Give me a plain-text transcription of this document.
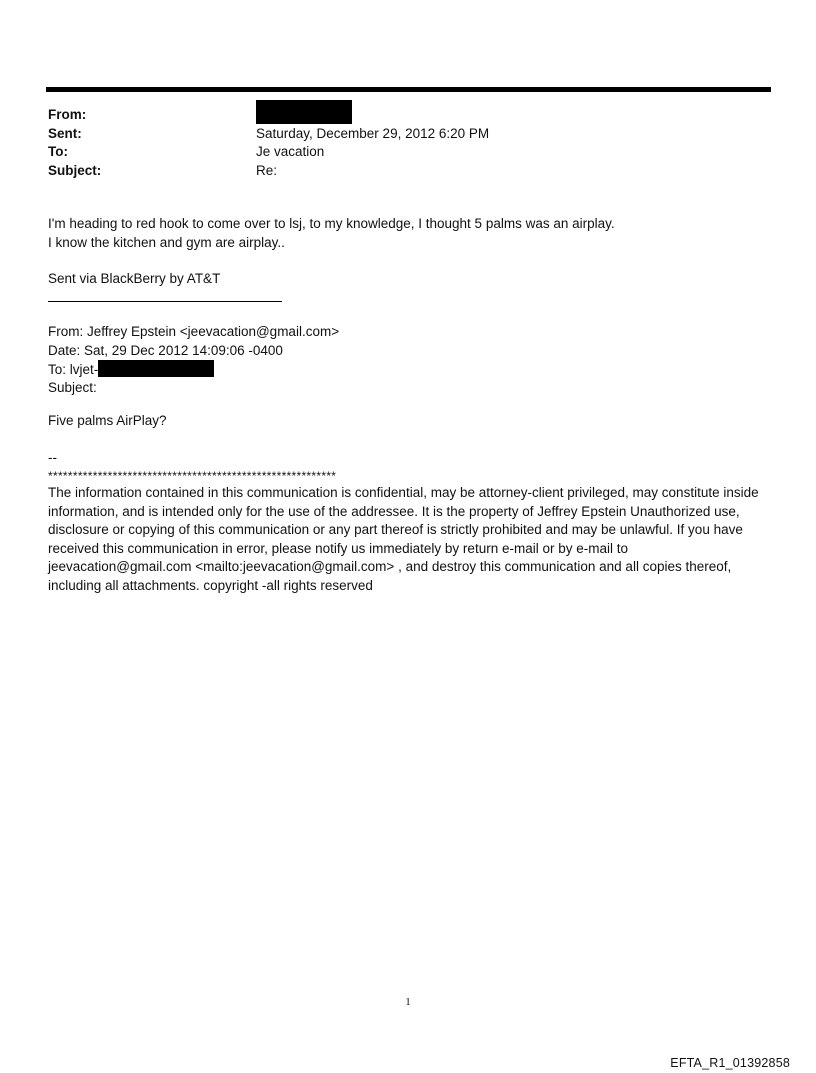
From:
Sent:	Saturday, December 29, 2012 6:20 PM
To:	Je vacation
Subject:	Re:
I'm heading to red hook to come over to lsj, to my knowledge, I thought 5 palms was an airplay.
I know the kitchen and gym are airplay..
Sent via BlackBerry by AT&T
From: Jeffrey Epstein <jeevacation@gmail.com>
Date: Sat, 29 Dec 2012 14:09:06 -0400
To: lvjet-
Subject:
Five palms AirPlay?
--
**********************************************************
The information contained in this communication is confidential, may be attorney-client privileged, may constitute inside information, and is intended only for the use of the addressee. It is the property of Jeffrey Epstein Unauthorized use, disclosure or copying of this communication or any part thereof is strictly prohibited and may be unlawful. If you have received this communication in error, please notify us immediately by return e-mail or by e-mail to jeevacation@gmail.com <mailto:jeevacation@gmail.com> , and destroy this communication and all copies thereof, including all attachments. copyright -all rights reserved
1
EFTA_R1_01392858
